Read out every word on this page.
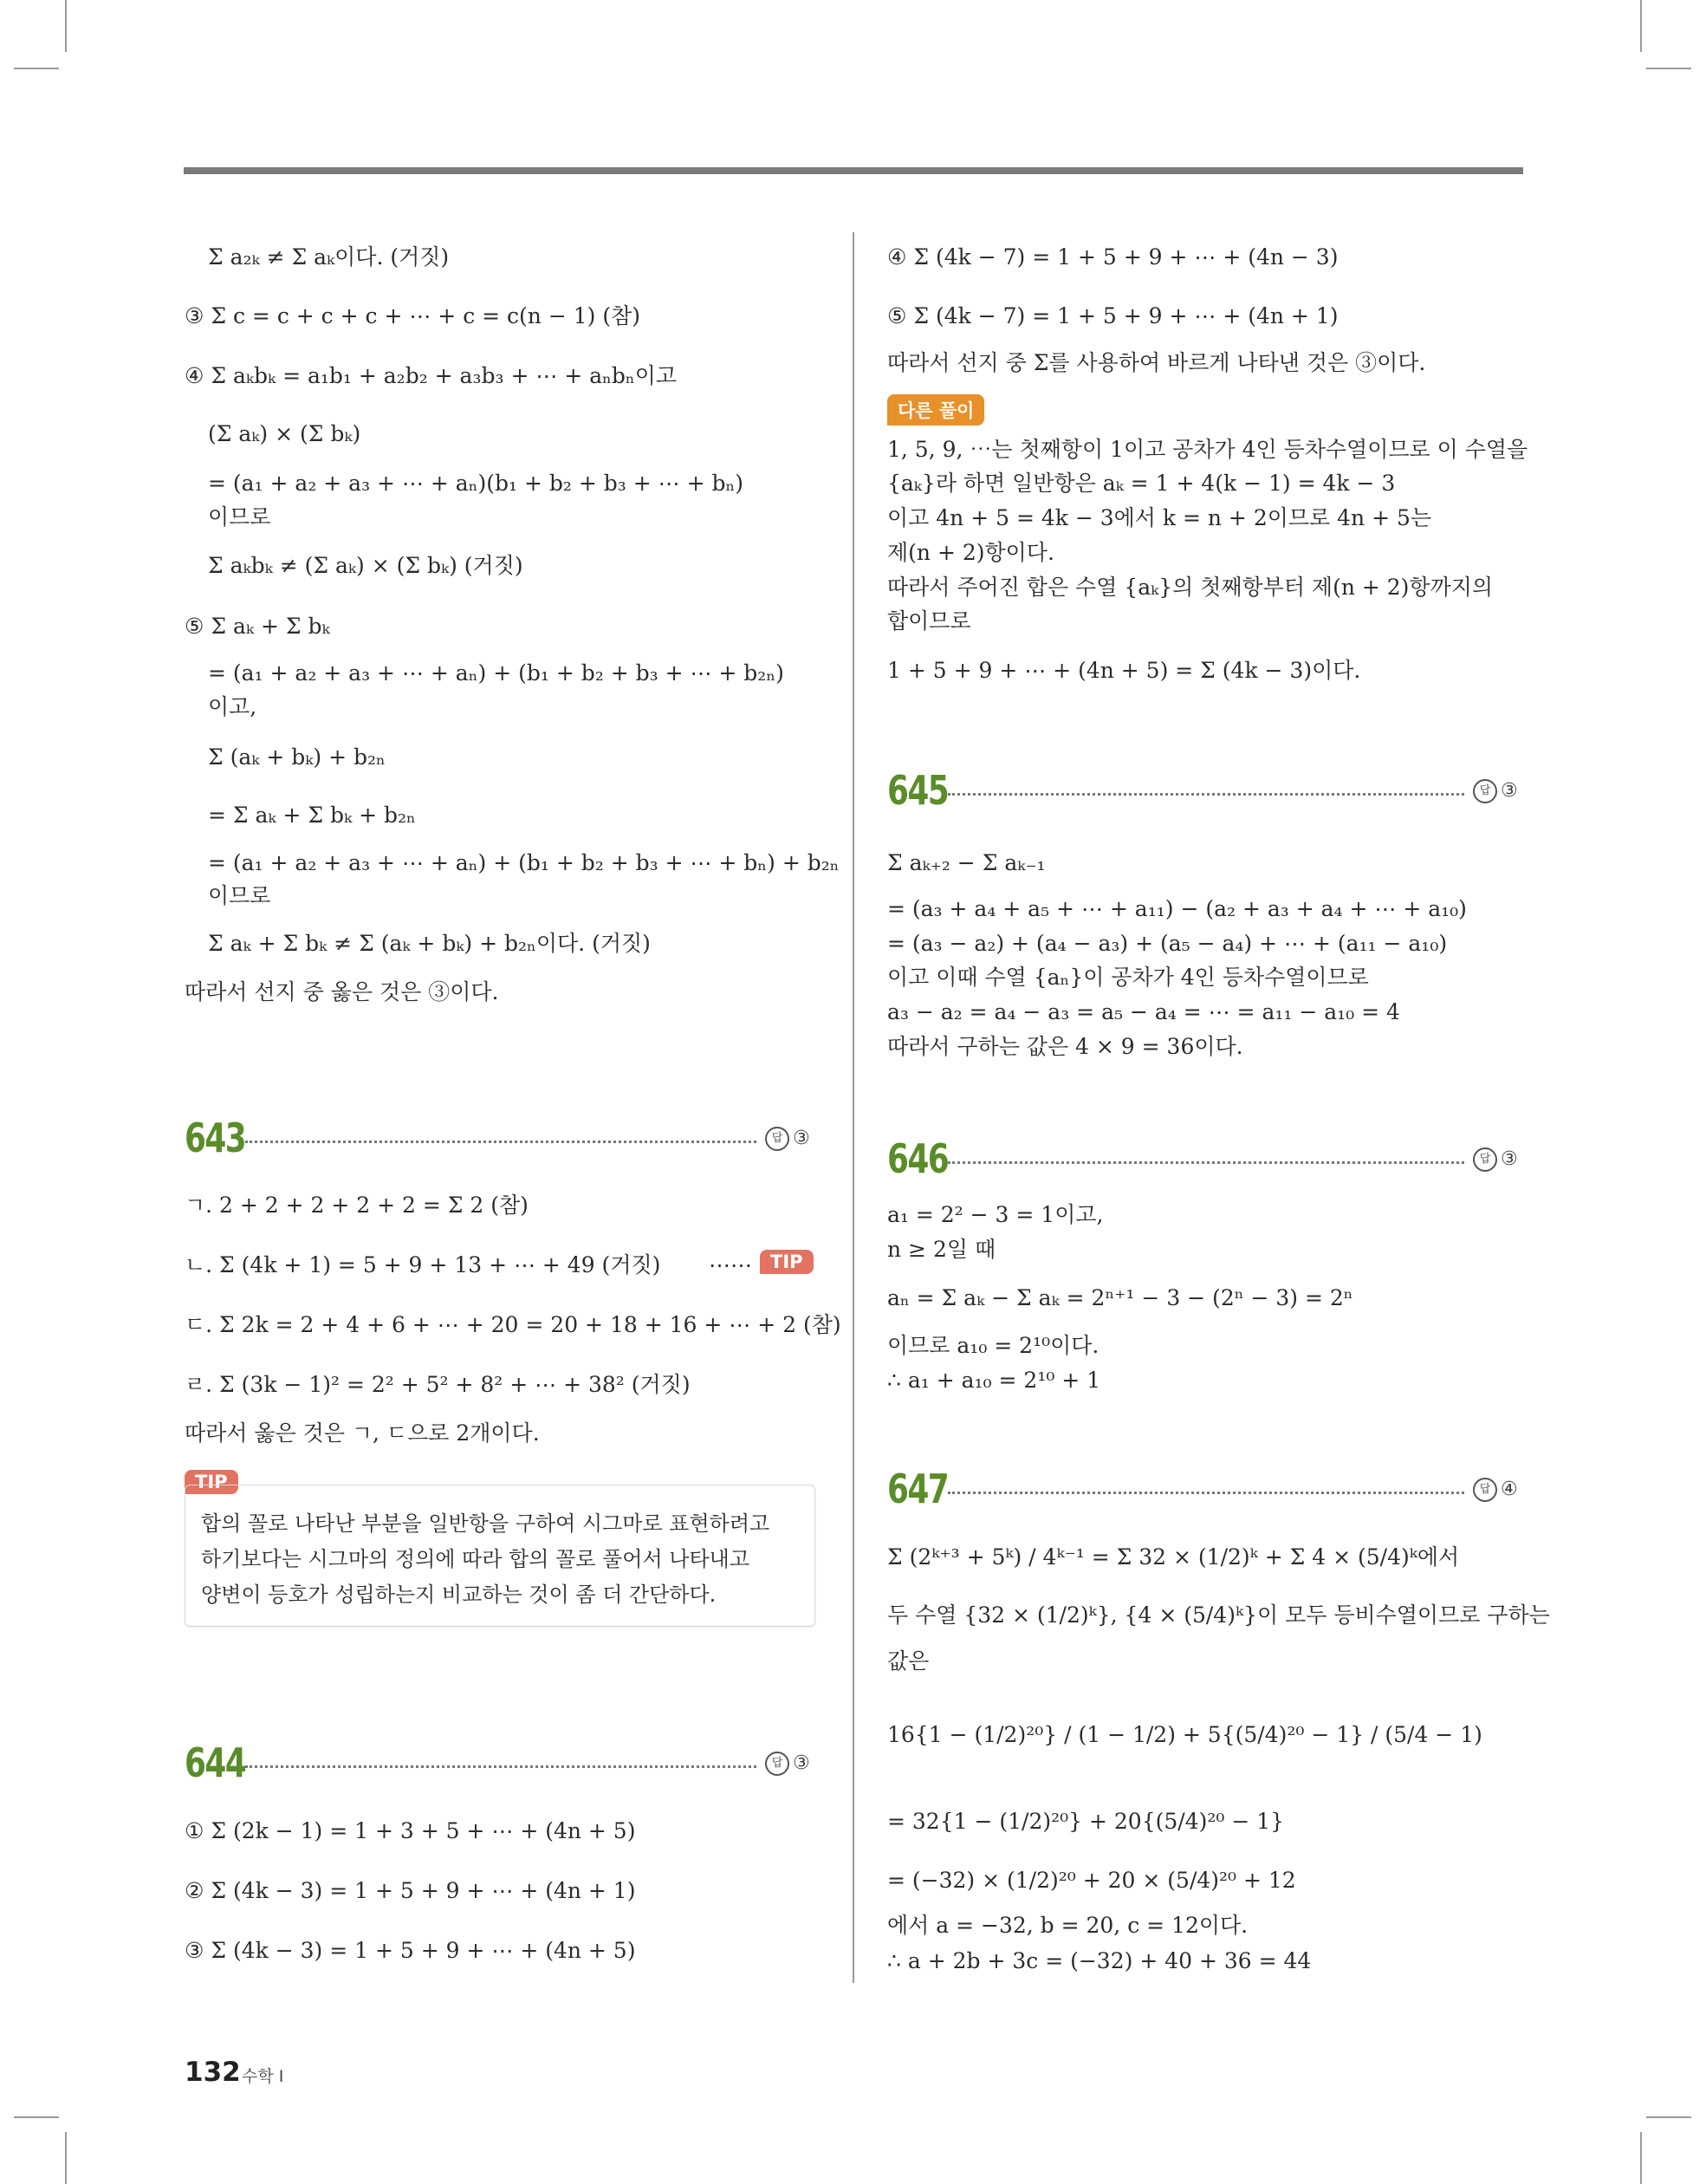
Σ a₂ₖ ≠ Σ aₖ이다. (거짓)
③ Σ c = c + c + c + ⋯ + c = c(n − 1) (참)
④ Σ aₖbₖ = a₁b₁ + a₂b₂ + a₃b₃ + ⋯ + aₙbₙ이고
(Σ aₖ) × (Σ bₖ)
= (a₁ + a₂ + a₃ + ⋯ + aₙ)(b₁ + b₂ + b₃ + ⋯ + bₙ)
이므로
Σ aₖbₖ ≠ (Σ aₖ) × (Σ bₖ) (거짓)
⑤ Σ aₖ + Σ bₖ
= (a₁ + a₂ + a₃ + ⋯ + aₙ) + (b₁ + b₂ + b₃ + ⋯ + b₂ₙ)
이고,
Σ (aₖ + bₖ) + b₂ₙ
= Σ aₖ + Σ bₖ + b₂ₙ
= (a₁ + a₂ + a₃ + ⋯ + aₙ) + (b₁ + b₂ + b₃ + ⋯ + bₙ) + b₂ₙ
이므로
Σ aₖ + Σ bₖ ≠ Σ (aₖ + bₖ) + b₂ₙ이다. (거짓)
따라서 선지 중 옳은 것은 ③이다.
643	답 ③
ㄱ. 2 + 2 + 2 + 2 + 2 = Σ 2 (참)
ㄴ. Σ (4k + 1) = 5 + 9 + 13 + ⋯ + 49 (거짓)
ㄷ. Σ 2k = 2 + 4 + 6 + ⋯ + 20 = 20 + 18 + 16 + ⋯ + 2 (참)
ㄹ. Σ (3k − 1)² = 2² + 5² + 8² + ⋯ + 38² (거짓)
따라서 옳은 것은 ㄱ, ㄷ으로 2개이다.
⋯⋯	TIP
TIP
합의 꼴로 나타난 부분을 일반항을 구하여 시그마로 표현하려고
하기보다는 시그마의 정의에 따라 합의 꼴로 풀어서 나타내고
양변이 등호가 성립하는지 비교하는 것이 좀 더 간단하다.
644	답 ③
① Σ (2k − 1) = 1 + 3 + 5 + ⋯ + (4n + 5)
② Σ (4k − 3) = 1 + 5 + 9 + ⋯ + (4n + 1)
③ Σ (4k − 3) = 1 + 5 + 9 + ⋯ + (4n + 5)
④ Σ (4k − 7) = 1 + 5 + 9 + ⋯ + (4n − 3)
⑤ Σ (4k − 7) = 1 + 5 + 9 + ⋯ + (4n + 1)
따라서 선지 중 Σ를 사용하여 바르게 나타낸 것은 ③이다.
다른 풀이
1, 5, 9, ⋯는 첫째항이 1이고 공차가 4인 등차수열이므로 이 수열을
{aₖ}라 하면 일반항은 aₖ = 1 + 4(k − 1) = 4k − 3
이고 4n + 5 = 4k − 3에서 k = n + 2이므로 4n + 5는
제(n + 2)항이다.
따라서 주어진 합은 수열 {aₖ}의 첫째항부터 제(n + 2)항까지의
합이므로
1 + 5 + 9 + ⋯ + (4n + 5) = Σ (4k − 3)이다.
645	답 ③
Σ aₖ₊₂ − Σ aₖ₋₁
= (a₃ + a₄ + a₅ + ⋯ + a₁₁) − (a₂ + a₃ + a₄ + ⋯ + a₁₀)
= (a₃ − a₂) + (a₄ − a₃) + (a₅ − a₄) + ⋯ + (a₁₁ − a₁₀)
이고 이때 수열 {aₙ}이 공차가 4인 등차수열이므로
a₃ − a₂ = a₄ − a₃ = a₅ − a₄ = ⋯ = a₁₁ − a₁₀ = 4
따라서 구하는 값은 4 × 9 = 36이다.
646	답 ③
a₁ = 2² − 3 = 1이고,
n ≥ 2일 때
aₙ = Σ aₖ − Σ aₖ = 2ⁿ⁺¹ − 3 − (2ⁿ − 3) = 2ⁿ
이므로 a₁₀ = 2¹⁰이다.
∴ a₁ + a₁₀ = 2¹⁰ + 1
647	답 ④
Σ (2ᵏ⁺³ + 5ᵏ) / 4ᵏ⁻¹ = Σ 32 × (1/2)ᵏ + Σ 4 × (5/4)ᵏ에서
두 수열 {32 × (1/2)ᵏ}, {4 × (5/4)ᵏ}이 모두 등비수열이므로 구하는
값은
16{1 − (1/2)²⁰} / (1 − 1/2) + 5{(5/4)²⁰ − 1} / (5/4 − 1)
= 32{1 − (1/2)²⁰} + 20{(5/4)²⁰ − 1}
= (−32) × (1/2)²⁰ + 20 × (5/4)²⁰ + 12
에서 a = −32, b = 20, c = 12이다.
∴ a + 2b + 3c = (−32) + 40 + 36 = 44
132 수학 I
